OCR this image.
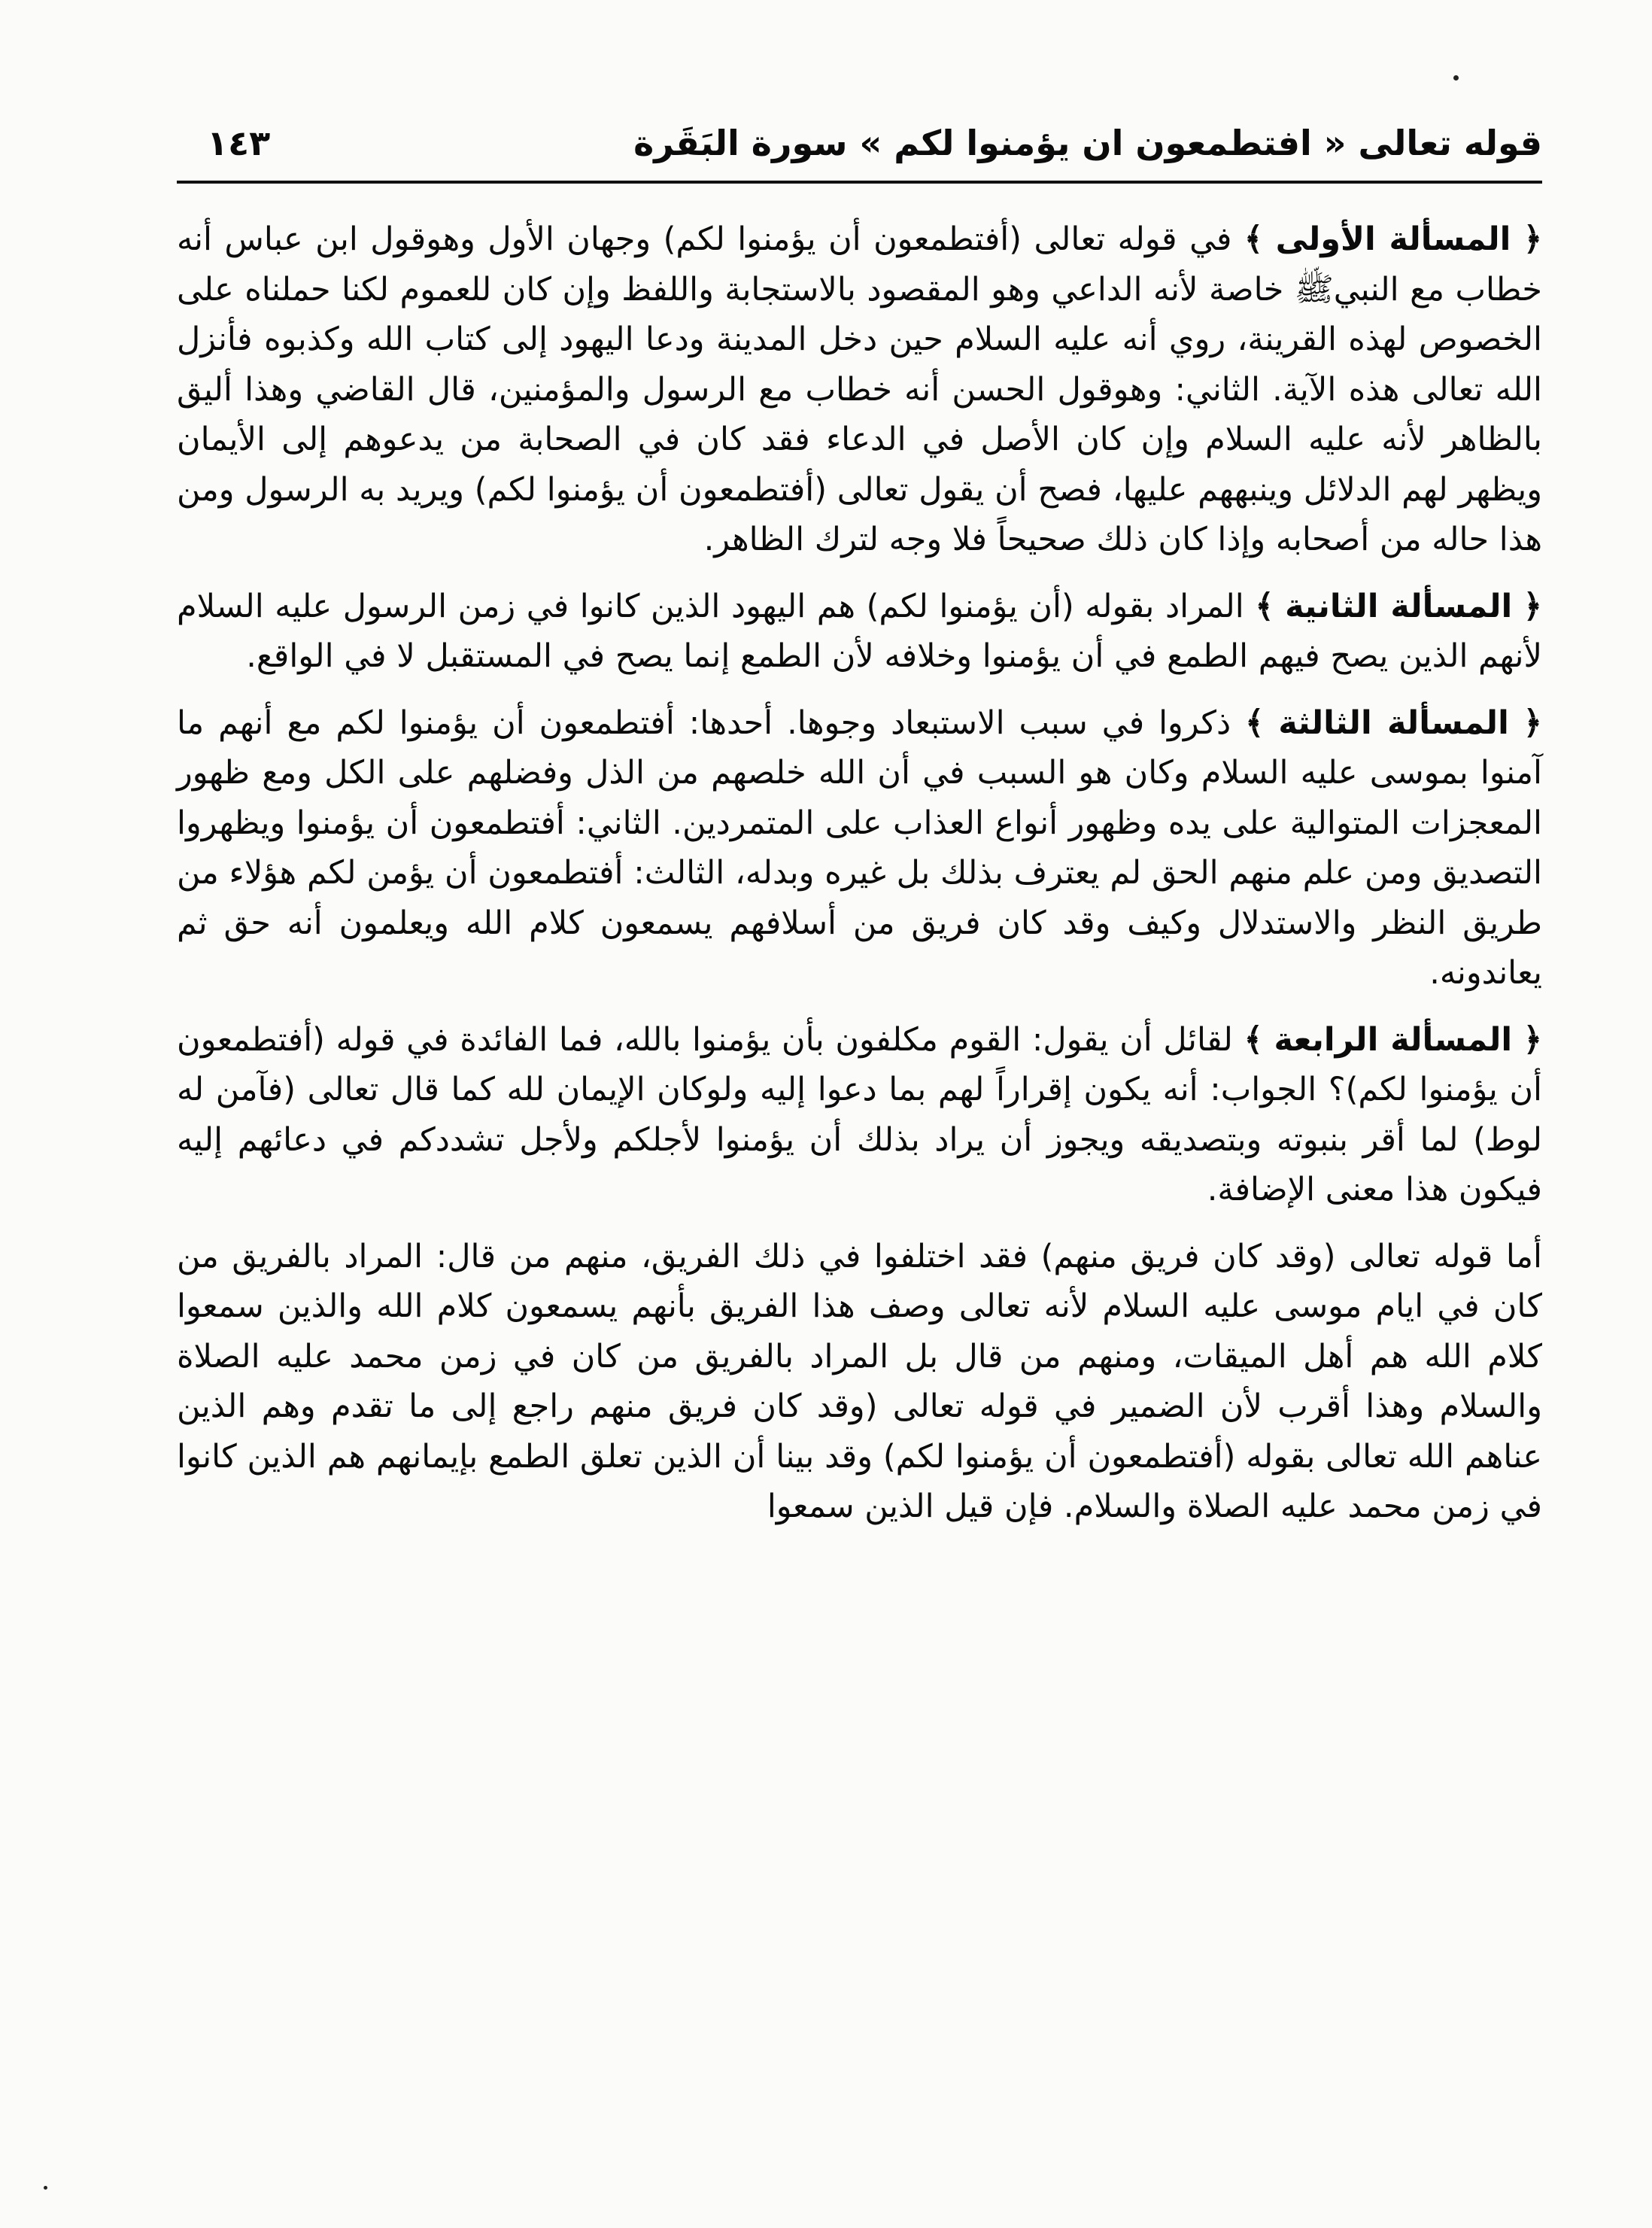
قوله تعالى « افتطمعون ان يؤمنوا لكم » سورة البَقَرة
١٤٣

﴿ المسألة الأولى ﴾ في قوله تعالى (أفتطمعون أن يؤمنوا لكم) وجهان الأول وهوقول ابن عباس أنه خطاب مع النبيﷺ خاصة لأنه الداعي وهو المقصود بالاستجابة واللفظ وإن كان للعموم لكنا حملناه على الخصوص لهذه القرينة، روي أنه عليه السلام حين دخل المدينة ودعا اليهود إلى كتاب الله وكذبوه فأنزل الله تعالى هذه الآية. الثاني: وهوقول الحسن أنه خطاب مع الرسول والمؤمنين، قال القاضي وهذا أليق بالظاهر لأنه عليه السلام وإن كان الأصل في الدعاء فقد كان في الصحابة من يدعوهم إلى الأيمان ويظهر لهم الدلائل وينبههم عليها، فصح أن يقول تعالى (أفتطمعون أن يؤمنوا لكم) ويريد به الرسول ومن هذا حاله من أصحابه وإذا كان ذلك صحيحاً فلا وجه لترك الظاهر.

﴿ المسألة الثانية ﴾ المراد بقوله (أن يؤمنوا لكم) هم اليهود الذين كانوا في زمن الرسول عليه السلام لأنهم الذين يصح فيهم الطمع في أن يؤمنوا وخلافه لأن الطمع إنما يصح في المستقبل لا في الواقع.

﴿ المسألة الثالثة ﴾ ذكروا في سبب الاستبعاد وجوها. أحدها: أفتطمعون أن يؤمنوا لكم مع أنهم ما آمنوا بموسى عليه السلام وكان هو السبب في أن الله خلصهم من الذل وفضلهم على الكل ومع ظهور المعجزات المتوالية على يده وظهور أنواع العذاب على المتمردين. الثاني: أفتطمعون أن يؤمنوا ويظهروا التصديق ومن علم منهم الحق لم يعترف بذلك بل غيره وبدله، الثالث: أفتطمعون أن يؤمن لكم هؤلاء من طريق النظر والاستدلال وكيف وقد كان فريق من أسلافهم يسمعون كلام الله ويعلمون أنه حق ثم يعاندونه.

﴿ المسألة الرابعة ﴾ لقائل أن يقول: القوم مكلفون بأن يؤمنوا بالله، فما الفائدة في قوله (أفتطمعون أن يؤمنوا لكم)؟ الجواب: أنه يكون إقراراً لهم بما دعوا إليه ولوكان الإيمان لله كما قال تعالى (فآمن له لوط) لما أقر بنبوته وبتصديقه ويجوز أن يراد بذلك أن يؤمنوا لأجلكم ولأجل تشددكم في دعائهم إليه فيكون هذا معنى الإضافة.

أما قوله تعالى (وقد كان فريق منهم) فقد اختلفوا في ذلك الفريق، منهم من قال: المراد بالفريق من كان في ايام موسى عليه السلام لأنه تعالى وصف هذا الفريق بأنهم يسمعون كلام الله والذين سمعوا كلام الله هم أهل الميقات، ومنهم من قال بل المراد بالفريق من كان في زمن محمد عليه الصلاة والسلام وهذا أقرب لأن الضمير في قوله تعالى (وقد كان فريق منهم راجع إلى ما تقدم وهم الذين عناهم الله تعالى بقوله (أفتطمعون أن يؤمنوا لكم) وقد بينا أن الذين تعلق الطمع بإيمانهم هم الذين كانوا في زمن محمد عليه الصلاة والسلام. فإن قيل الذين سمعوا
